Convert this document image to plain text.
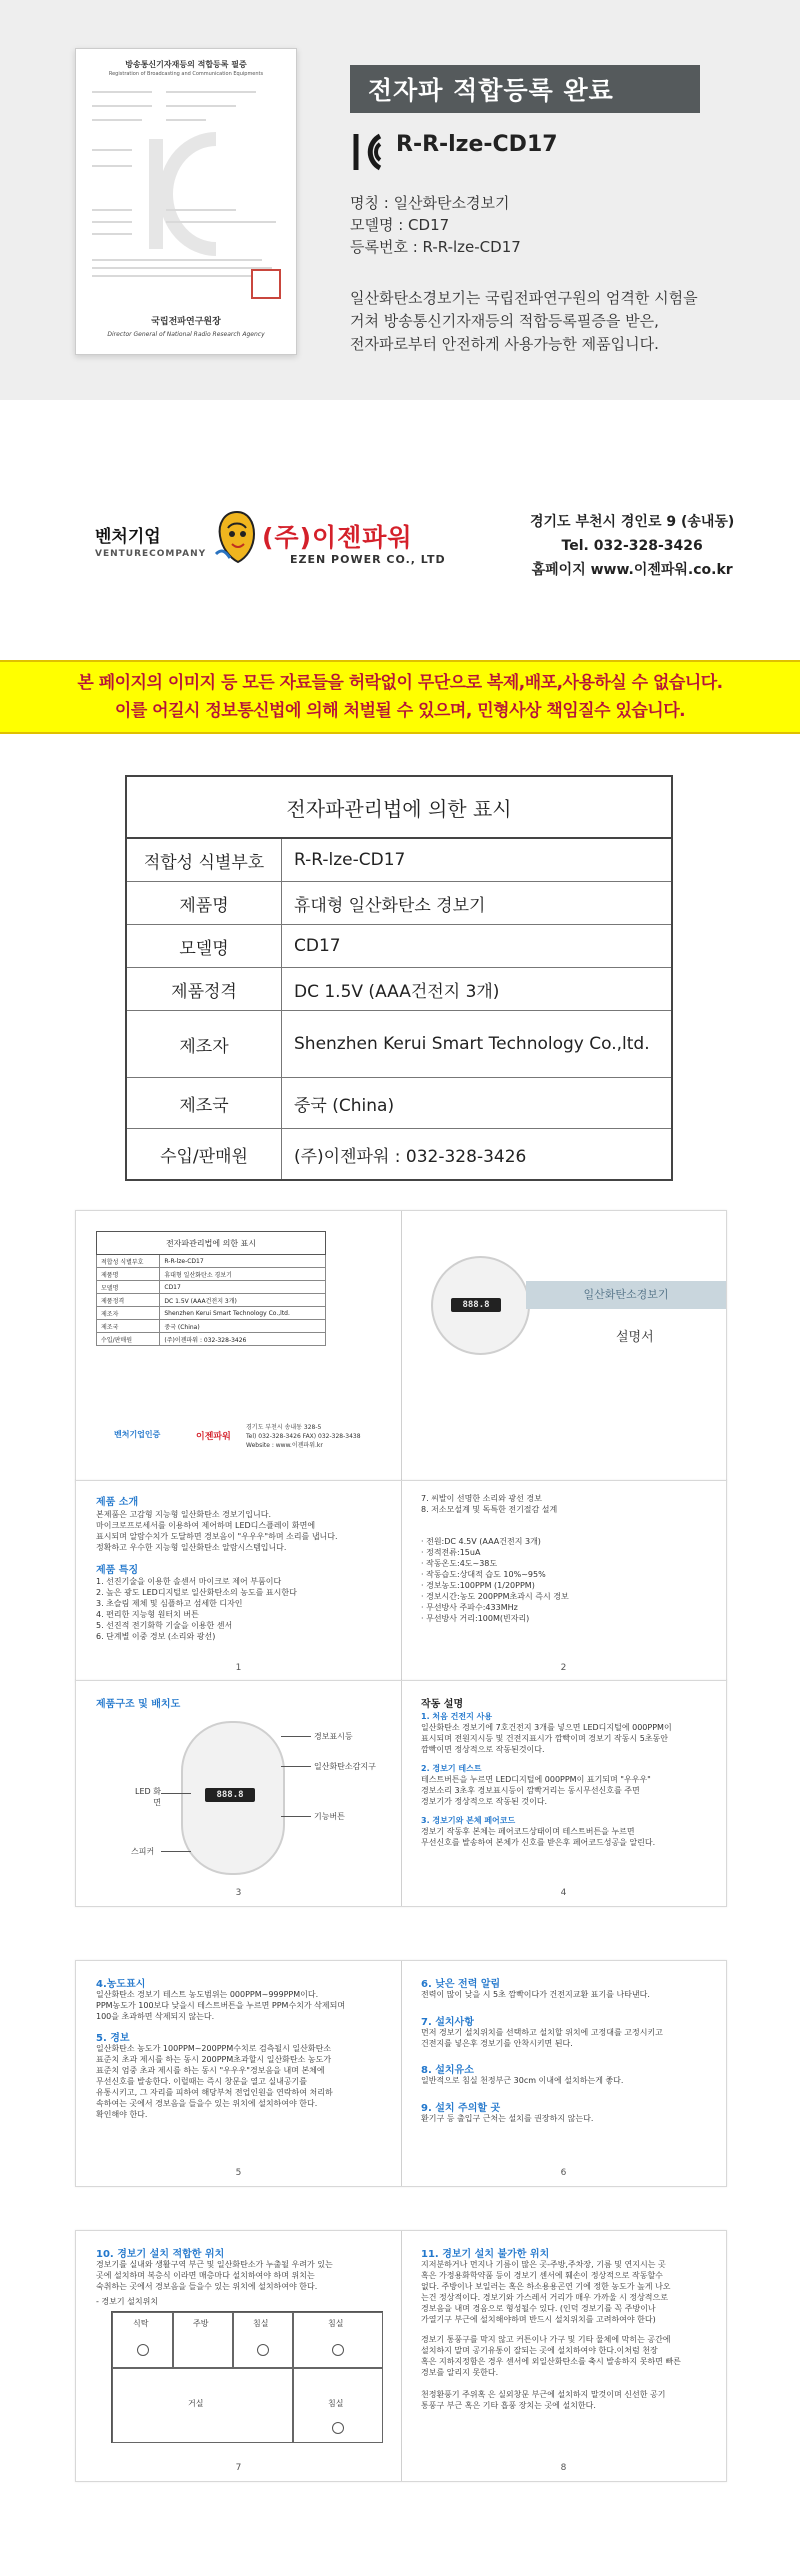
방송통신기자재등의 적합등록 필증
Registration of Broadcasting and Communication Equipments
국립전파연구원장
Director General of National Radio Research Agency
전자파 적합등록 완료
R-R-lze-CD17
명칭 : 일산화탄소경보기
모델명 : CD17
등록번호 : R-R-lze-CD17
일산화탄소경보기는 국립전파연구원의 엄격한 시험을
거쳐 방송통신기자재등의 적합등록필증을 받은,
전자파로부터 안전하게 사용가능한 제품입니다.
벤처기업
VENTURECOMPANY
(주)이젠파워
EZEN POWER CO., LTD
경기도 부천시 경인로 9 (송내동)
Tel. 032-328-3426
홈페이지 www.이젠파워.co.kr
본 페이지의 이미지 등 모든 자료들을 허락없이 무단으로 복제,배포,사용하실 수 없습니다.
이를 어길시 정보통신법에 의해 처벌될 수 있으며, 민형사상 책임질수 있습니다.
전자파관리법에 의한 표시	
적합성 식별부호	R-R-lze-CD17
제품명	휴대형 일산화탄소 경보기
모델명	CD17
제품정격	DC 1.5V (AAA건전지 3개)
제조자	Shenzhen Kerui Smart Technology Co.,ltd.
제조국	중국 (China)
수입/판매원	(주)이젠파워 : 032-328-3426
전자파관리법에 의한 표시	
적합성 식별부호	R-R-lze-CD17
제품명	휴대형 일산화탄소 경보기
모델명	CD17
제품정격	DC 1.5V (AAA건전지 3개)
제조자	Shenzhen Kerui Smart Technology Co.,ltd.
제조국	중국 (China)
수입/판매원	(주)이젠파워 : 032-328-3426
벤처기업인증	이젠파워
경기도 부천시 송내동 328-5
Tel) 032-328-3426 FAX) 032-328-3438
Website : www.이젠파워.kr
888.8
일산화탄소경보기
설명서
제품 소개
본제품은 고감형 지능형 일산화탄소 경보기입니다.
마이크로프로세서를 이용하여 제어하며 LED디스플레이 화면에
표시되며 알람수치가 도달하면 경보음이 "우우우"하며 소리를 냅니다.
정확하고 우수한 지능형 일산화탄소 알람시스템입니다.
제품 특징
1. 선진기술을 이용한 솔센서 마이크로 제어 부품이다
2. 높은 광도 LED디지털로 일산화탄소의 농도를 표시한다
3. 초슬림 제체 및 심플하고 섬세한 디자인
4. 편리한 지능형 원터치 버튼
5. 선진적 전기화학 기술을 이용한 센서
6. 단계별 이중 경보 (소리와 광선)
1
7. 씨발이 선명한 소리와 광선 경보
8. 저소모설계 및 독특한 전기절감 설계
· 전원:DC 4.5V (AAA건전지 3개)
· 정적전류:15uA
· 작동온도:4도~38도
· 작동습도:상대적 습도 10%~95%
· 경보농도:100PPM (1/20PPM)
· 경보시간:농도 200PPM초과시 즉시 경보
· 무선방사 주파수:433MHz
· 무선방사 거리:100M(빈자리)
2
제품구조 및 배치도
888.8
경보표시등
일산화탄소감지구
LED 화면
기능버튼
스피커
3
작동 설명
1. 처음 건전지 사용
일산화탄소 경보기에 7호건전지 3개를 넣으면 LED디지털에 000PPM이
표시되며 전원지시등 및 건전지표시가 깜빡이며 경보기 작동시 5초동안
깜빡이면 정상적으로 작동된것이다.
2. 경보기 테스트
테스트버튼을 누르면 LED디지털에 000PPM이 표기되며 "우우우"
경보소리 3초후 경보표시등이 깜빡거리는 동시무선신호를 주면
경보기가 정상적으로 작동된 것이다.
3. 경보기와 본체 페어코드
경보기 작동후 본체는 페어코드상태이며 테스트버튼을 누르면
무선신호를 발송하여 본체가 신호를 받은후 페어코드성공을 알린다.
4
4.농도표시
일산화탄소 경보기 테스트 농도범위는 000PPM~999PPM이다.
PPM농도가 100보다 낮을시 테스트버튼을 누르면 PPM수치가 삭제되며
100을 초과하면 삭제되지 않는다.
5. 경보
일산화탄소 농도가 100PPM~200PPM수치로 검측될시 일산화탄소
표준치 초과 제시를 하는 동시 200PPM초과할시 일산화탄소 농도가
표준치 엄중 초과 제시를 하는 동시 "우우우"경보음을 내며 본체에
무선신호를 발송한다. 이럴때는 즉시 창문을 열고 실내공기를
유통시키고, 그 자리를 피하여 해당부처 전업인원을 연락하여 처리하
속하여는 곳에서 경보음을 들을수 있는 위치에 설치하여야 한다.
확인해야 한다.
5
6. 낮은 전력 알림
전력이 많이 낮을 시 5초 깜빡이다가 건전지교환 표기를 나타낸다.
7. 설치사항
먼저 경보기 설치위치를 선택하고 설치할 위치에 고정대를 고정시키고
건전지를 넣은후 경보기를 안착시키면 된다.
8. 설치유소
일반적으로 침실 천정부근 30cm 이내에 설치하는게 좋다.
9. 설치 주의할 곳
환기구 등 출입구 근처는 설치를 권장하지 않는다.
6
10. 경보기 설치 적합한 위치
경보기를 실내와 생활구역 부근 및 일산화탄소가 누출될 우려가 있는
곳에 설치하며 복층식 이라면 매층마다 설치하여야 하며 위치는
숙취하는 곳에서 경보음을 들을수 있는 위치에 설치하여야 한다.
- 경보기 설치위치
식탁	주방	침실	침실
거실	침실
7
11. 경보기 설치 불가한 위치
지저분하거나 먼지나 기름이 많은 곳-주방,주차장, 기름 및 연지시는 곳
혹은 가정용화학약품 등이 경보기 센서에 훼손이 정상적으로 작동할수
없다. 주방이나 보일러는 혹은 하소용용곤연 기에 정한 농도가 높게 나오
는건 정상적이다. 경보기와 가스레서 거리가 매우 가까울 시 정상적으로
경보음을 내며 경음으로 형성될수 있다. (인덕 경보기를 꼭 주방이나
가열기구 부근에 설치해야하며 반드시 설치위치를 고려하여야 한다)
경보기 통풍구를 막지 않고 커튼이나 가구 및 기타 물체에 막히는 공간에
설치하지 말며 공기유통이 잘되는 곳에 설치하여야 한다.이처럼 천장
혹은 지하지정함은 경우 센서에 외일산화탄소를 축시 발송하지 못하면 빠른
경보를 알리지 못한다.
천정환풍기 주위혹 은 실외창문 부근에 설치하지 말것이며 신선한 공기
통풍구 부근 혹은 기타 흡풍 장치는 곳에 설치한다.
8
